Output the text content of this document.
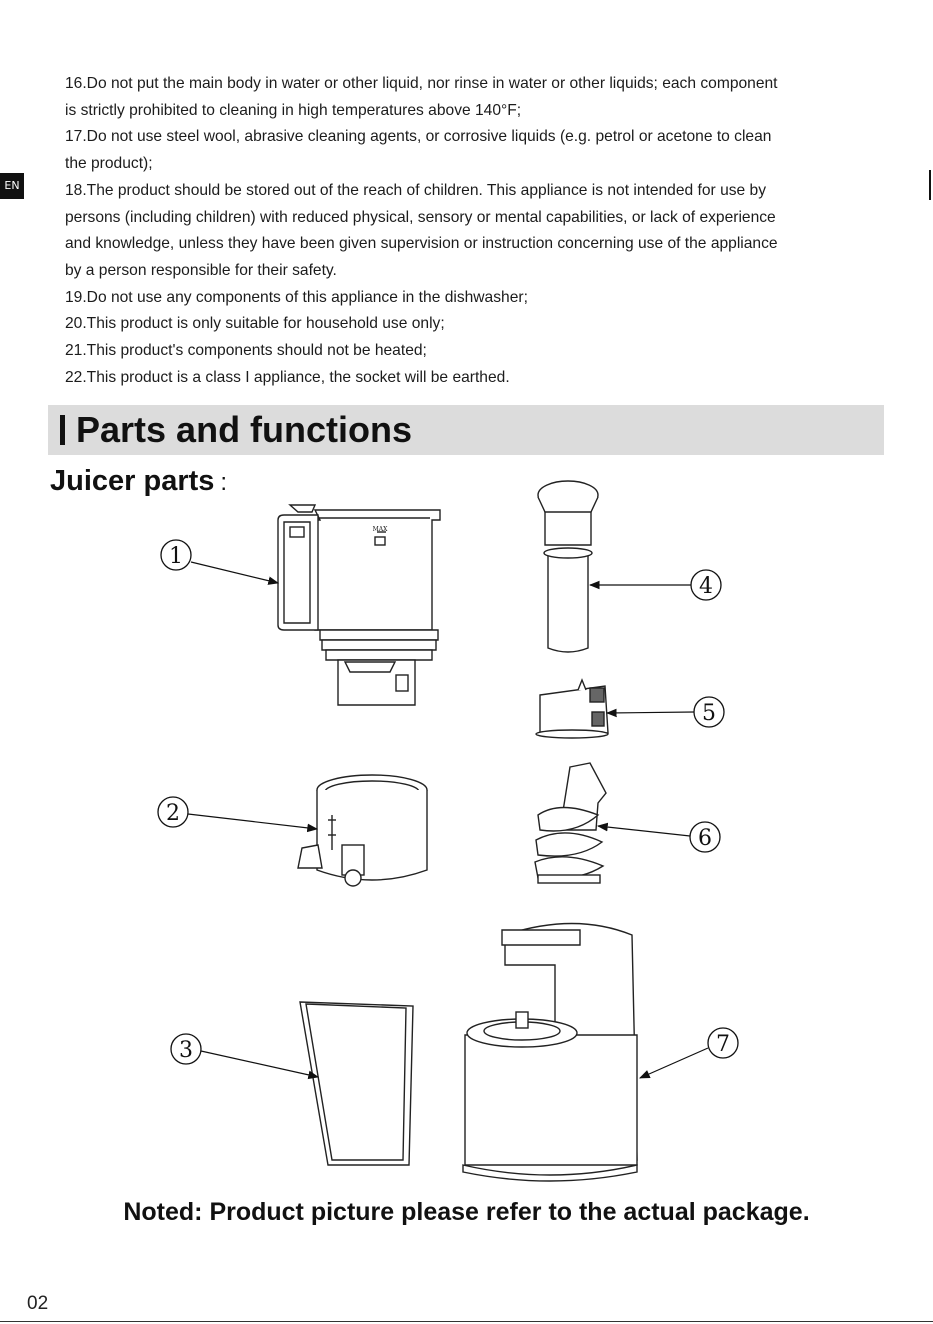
EN
16.Do not put the main body in water or other liquid, nor rinse in water or other liquids; each component
is strictly prohibited to cleaning in high temperatures above 140°F;
17.Do not use steel wool, abrasive cleaning agents, or corrosive liquids (e.g. petrol or acetone to clean
the product);
18.The product should be stored out of the reach of children. This appliance is not intended for use by
persons (including children) with reduced physical, sensory or mental capabilities, or lack of experience
and knowledge, unless they have been given supervision or instruction concerning use of the appliance
by a person responsible for their safety.
19.Do not use any components of this appliance in the dishwasher;
20.This product is only suitable for household use only;
21.This product's components should not be heated;
22.This product is a class I appliance, the socket will be earthed.
Parts and functions
Juicer parts :
MAX
1
2
3
4
5
6
7
Noted: Product picture please refer to the actual package.
02
